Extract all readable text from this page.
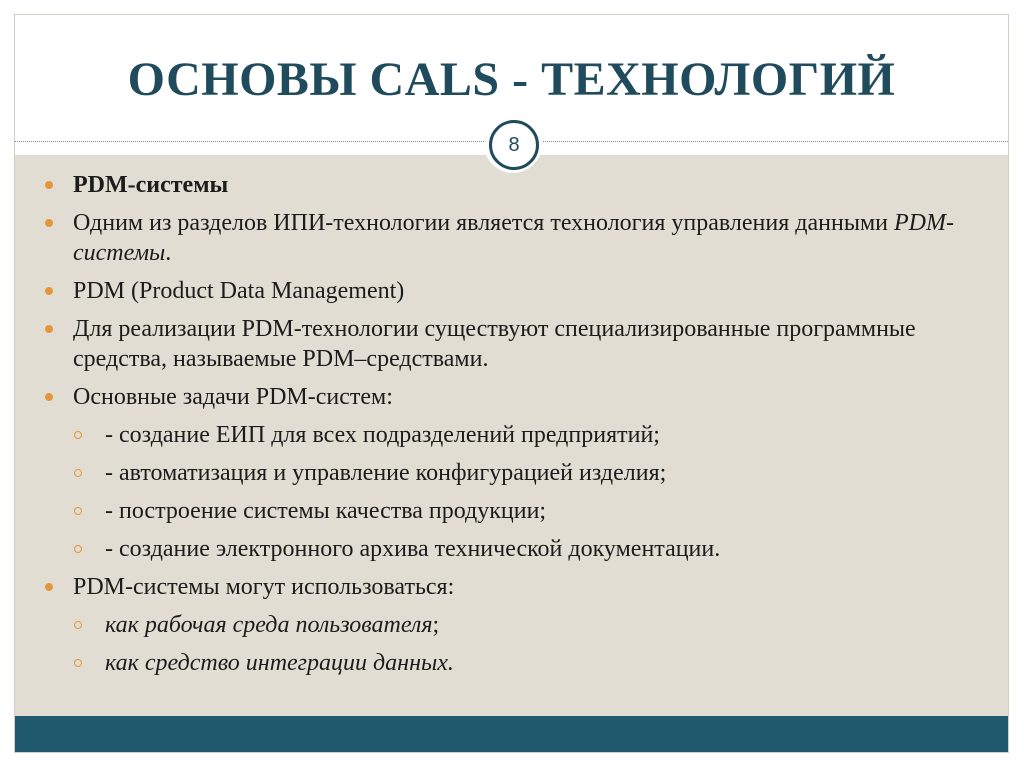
ОСНОВЫ CALS - ТЕХНОЛОГИЙ
8
PDM-системы
Одним из разделов ИПИ-технологии является технология управления данными PDM-системы.
PDM (Product Data Management)
Для реализации PDM-технологии существуют специализированные программные средства, называемые PDM–средствами.
Основные задачи PDM-систем:
- создание ЕИП для всех подразделений предприятий;
- автоматизация и управление конфигурацией изделия;
- построение системы качества продукции;
- создание электронного архива технической документации.
PDM-системы могут использоваться:
как рабочая среда пользователя;
как средство интеграции данных.
